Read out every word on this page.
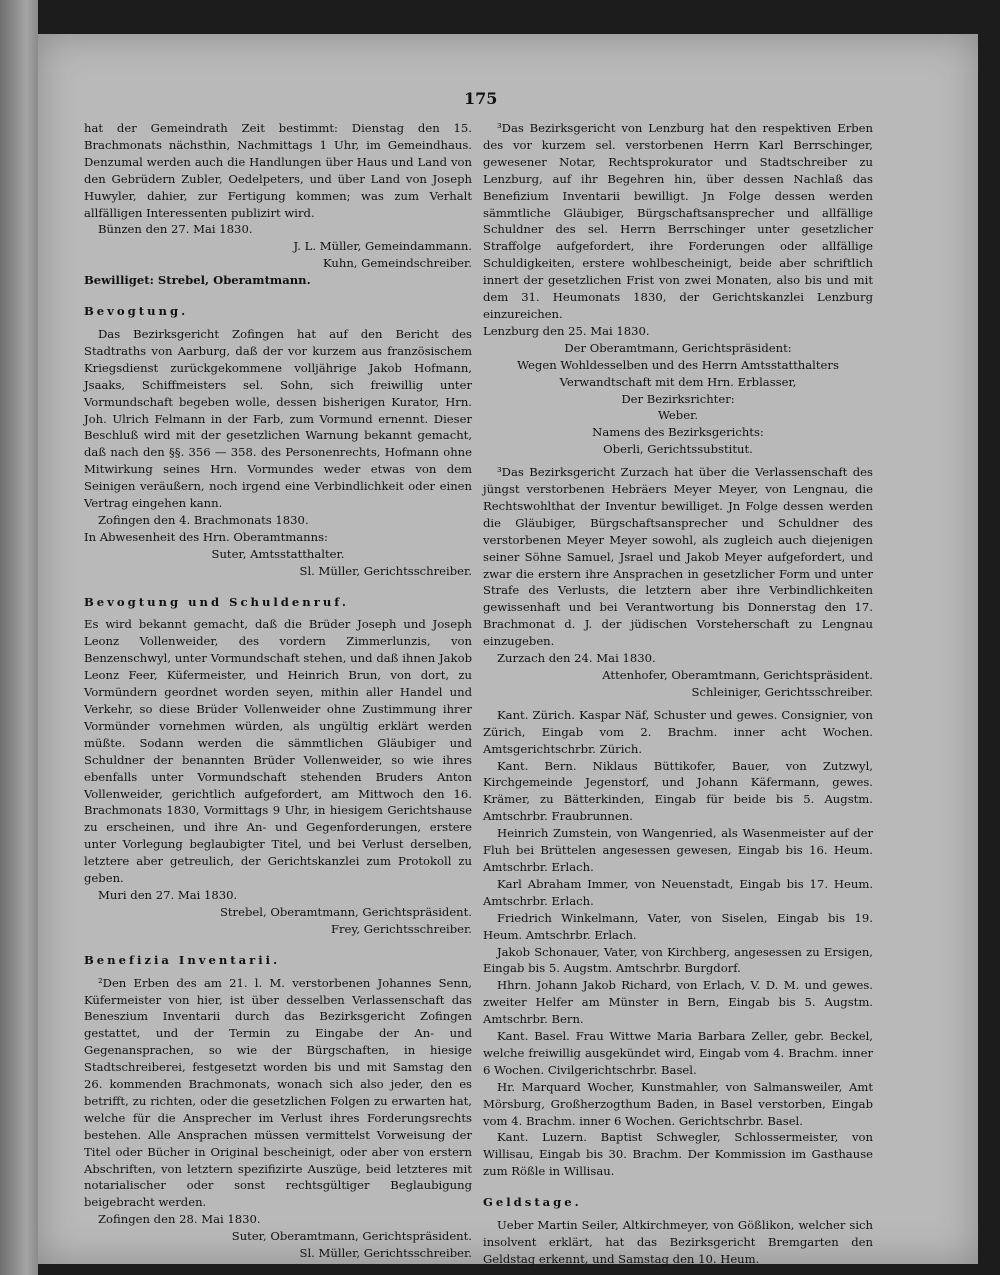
175

hat der Gemeindrath Zeit bestimmt: Dienstag den 15. Brachmonats nächsthin, Nachmittags 1 Uhr, im Gemeindhaus. Denzumal werden auch die Handlungen über Haus und Land von den Gebrüdern Zubler, Oedelpeters, und über Land von Joseph Huwyler, dahier, zur Fertigung kommen; was zum Verhalt allfälligen Interessenten publizirt wird.

Bünzen den 27. Mai 1830.

J. L. Müller, Gemeindammann.

Kuhn, Gemeindschreiber.

Bewilliget: Strebel, Oberamtmann.

Bevogtung.

Das Bezirksgericht Zofingen hat auf den Bericht des Stadtraths von Aarburg, daß der vor kurzem aus französischem Kriegsdienst zurückgekommene volljährige Jakob Hofmann, Jsaaks, Schiffmeisters sel. Sohn, sich freiwillig unter Vormundschaft begeben wolle, dessen bisherigen Kurator, Hrn. Joh. Ulrich Felmann in der Farb, zum Vormund ernennt. Dieser Beschluß wird mit der gesetzlichen Warnung bekannt gemacht, daß nach den §§. 356 — 358. des Personenrechts, Hofmann ohne Mitwirkung seines Hrn. Vormundes weder etwas von dem Seinigen veräußern, noch irgend eine Verbindlichkeit oder einen Vertrag eingehen kann.

Zofingen den 4. Brachmonats 1830.

In Abwesenheit des Hrn. Oberamtmanns:

Suter, Amtsstatthalter.

Sl. Müller, Gerichtsschreiber.

Bevogtung und Schuldenruf.

Es wird bekannt gemacht, daß die Brüder Joseph und Joseph Leonz Vollenweider, des vordern Zimmerlunzis, von Benzenschwyl, unter Vormundschaft stehen, und daß ihnen Jakob Leonz Feer, Küfermeister, und Heinrich Brun, von dort, zu Vormündern geordnet worden seyen, mithin aller Handel und Verkehr, so diese Brüder Vollenweider ohne Zustimmung ihrer Vormünder vornehmen würden, als ungültig erklärt werden müßte. Sodann werden die sämmtlichen Gläubiger und Schuldner der benannten Brüder Vollenweider, so wie ihres ebenfalls unter Vormundschaft stehenden Bruders Anton Vollenweider, gerichtlich aufgefordert, am Mittwoch den 16. Brachmonats 1830, Vormittags 9 Uhr, in hiesigem Gerichtshause zu erscheinen, und ihre An- und Gegenforderungen, erstere unter Vorlegung beglaubigter Titel, und bei Verlust derselben, letztere aber getreulich, der Gerichtskanzlei zum Protokoll zu geben.

Muri den 27. Mai 1830.

Strebel, Oberamtmann, Gerichtspräsident.

Frey, Gerichtsschreiber.

Benefizia Inventarii.

²Den Erben des am 21. l. M. verstorbenen Johannes Senn, Küfermeister von hier, ist über desselben Verlassenschaft das Beneszium Inventarii durch das Bezirksgericht Zofingen gestattet, und der Termin zu Eingabe der An- und Gegenansprachen, so wie der Bürgschaften, in hiesige Stadtschreiberei, festgesetzt worden bis und mit Samstag den 26. kommenden Brachmonats, wonach sich also jeder, den es betrifft, zu richten, oder die gesetzlichen Folgen zu erwarten hat, welche für die Ansprecher im Verlust ihres Forderungsrechts bestehen. Alle Ansprachen müssen vermittelst Vorweisung der Titel oder Bücher in Original bescheinigt, oder aber von erstern Abschriften, von letztern spezifizirte Auszüge, beid letzteres mit notarialischer oder sonst rechtsgültiger Beglaubigung beigebracht werden.

Zofingen den 28. Mai 1830.

Suter, Oberamtmann, Gerichtspräsident.

Sl. Müller, Gerichtsschreiber.

³Das Bezirksgericht von Lenzburg hat den respektiven Erben des vor kurzem sel. verstorbenen Herrn Karl Berrschinger, gewesener Notar, Rechtsprokurator und Stadtschreiber zu Lenzburg, auf ihr Begehren hin, über dessen Nachlaß das Benefizium Inventarii bewilligt. Jn Folge dessen werden sämmtliche Gläubiger, Bürgschaftsansprecher und allfällige Schuldner des sel. Herrn Berrschinger unter gesetzlicher Straffolge aufgefordert, ihre Forderungen oder allfällige Schuldigkeiten, erstere wohlbescheinigt, beide aber schriftlich innert der gesetzlichen Frist von zwei Monaten, also bis und mit dem 31. Heumonats 1830, der Gerichtskanzlei Lenzburg einzureichen.

Lenzburg den 25. Mai 1830.

Der Oberamtmann, Gerichtspräsident:

Wegen Wohldesselben und des Herrn Amtsstatthalters Verwandtschaft mit dem Hrn. Erblasser,

Der Bezirksrichter:

Weber.

Namens des Bezirksgerichts:

Oberli, Gerichtssubstitut.

³Das Bezirksgericht Zurzach hat über die Verlassenschaft des jüngst verstorbenen Hebräers Meyer Meyer, von Lengnau, die Rechtswohlthat der Inventur bewilliget. Jn Folge dessen werden die Gläubiger, Bürgschaftsansprecher und Schuldner des verstorbenen Meyer Meyer sowohl, als zugleich auch diejenigen seiner Söhne Samuel, Jsrael und Jakob Meyer aufgefordert, und zwar die erstern ihre Ansprachen in gesetzlicher Form und unter Strafe des Verlusts, die letztern aber ihre Verbindlichkeiten gewissenhaft und bei Verantwortung bis Donnerstag den 17. Brachmonat d. J. der jüdischen Vorsteherschaft zu Lengnau einzugeben.

Zurzach den 24. Mai 1830.

Attenhofer, Oberamtmann, Gerichtspräsident.

Schleiniger, Gerichtsschreiber.

Kant. Zürich. Kaspar Näf, Schuster und gewes. Consignier, von Zürich, Eingab vom 2. Brachm. inner acht Wochen. Amtsgerichtschrbr. Zürich.

Kant. Bern. Niklaus Büttikofer, Bauer, von Zutzwyl, Kirchgemeinde Jegenstorf, und Johann Käfermann, gewes. Krämer, zu Bätterkinden, Eingab für beide bis 5. Augstm. Amtschrbr. Fraubrunnen.

Heinrich Zumstein, von Wangenried, als Wasenmeister auf der Fluh bei Brüttelen angesessen gewesen, Eingab bis 16. Heum. Amtschrbr. Erlach.

Karl Abraham Immer, von Neuenstadt, Eingab bis 17. Heum. Amtschrbr. Erlach.

Friedrich Winkelmann, Vater, von Siselen, Eingab bis 19. Heum. Amtschrbr. Erlach.

Jakob Schonauer, Vater, von Kirchberg, angesessen zu Ersigen, Eingab bis 5. Augstm. Amtschrbr. Burgdorf.

Hhrn. Johann Jakob Richard, von Erlach, V. D. M. und gewes. zweiter Helfer am Münster in Bern, Eingab bis 5. Augstm. Amtschrbr. Bern.

Kant. Basel. Frau Wittwe Maria Barbara Zeller, gebr. Beckel, welche freiwillig ausgekündet wird, Eingab vom 4. Brachm. inner 6 Wochen. Civilgerichtschrbr. Basel.

Hr. Marquard Wocher, Kunstmahler, von Salmansweiler, Amt Mörsburg, Großherzogthum Baden, in Basel verstorben, Eingab vom 4. Brachm. inner 6 Wochen. Gerichtschrbr. Basel.

Kant. Luzern. Baptist Schwegler, Schlossermeister, von Willisau, Eingab bis 30. Brachm. Der Kommission im Gasthause zum Rößle in Willisau.

Geldstage.

Ueber Martin Seiler, Altkirchmeyer, von Gößlikon, welcher sich insolvent erklärt, hat das Bezirksgericht Bremgarten den Geldstag erkennt, und Samstag den 10. Heum.
